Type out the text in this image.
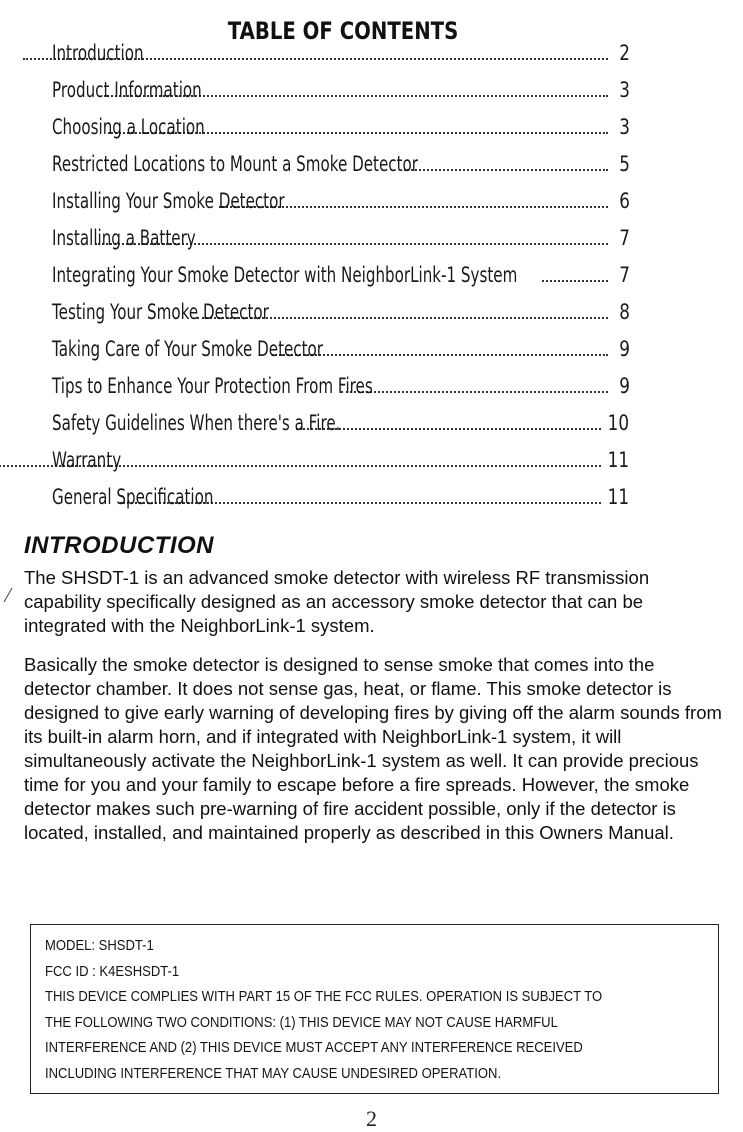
TABLE OF CONTENTS
Introduction	2
Product Information	3
Choosing a Location	3
Restricted Locations to Mount a Smoke Detector	5
Installing Your Smoke Detector	6
Installing a Battery	7
Integrating Your Smoke Detector with NeighborLink-1 System	7
Testing Your Smoke Detector	8
Taking Care of Your Smoke Detector	9
Tips to Enhance Your Protection From Fires	9
Safety Guidelines When there's a Fire.	10
Warranty	11
General Specification	11
INTRODUCTION

The SHSDT-1 is an advanced smoke detector with wireless RF transmission capability specifically designed as an accessory smoke detector that can be integrated with the NeighborLink-1 system.

Basically the smoke detector is designed to sense smoke that comes into the detector chamber. It does not sense gas, heat, or flame. This smoke detector is designed to give early warning of developing fires by giving off the alarm sounds from its built-in alarm horn, and if integrated with NeighborLink-1 system, it will simultaneously activate the NeighborLink-1 system as well. It can provide precious time for you and your family to escape before a fire spreads. However, the smoke detector makes such pre-warning of fire accident possible, only if the detector is located, installed, and maintained properly as described in this Owners Manual.

MODEL: SHSDT-1
FCC ID : K4ESHSDT-1
THIS DEVICE COMPLIES WITH PART 15 OF THE FCC RULES. OPERATION IS SUBJECT TO
THE FOLLOWING TWO CONDITIONS: (1) THIS DEVICE MAY NOT CAUSE HARMFUL
INTERFERENCE AND (2) THIS DEVICE MUST ACCEPT ANY INTERFERENCE RECEIVED
INCLUDING INTERFERENCE THAT MAY CAUSE UNDESIRED OPERATION.
2
